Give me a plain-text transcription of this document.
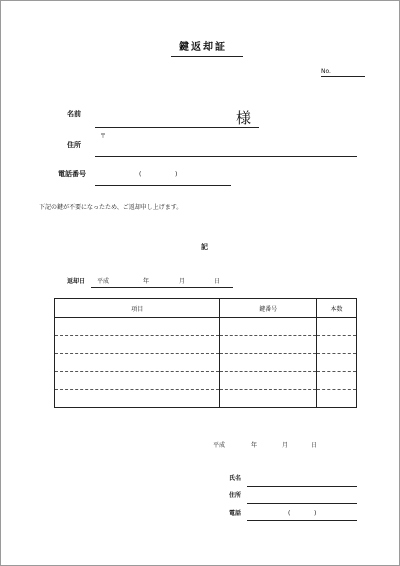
鍵返却証
No.
名前	様
〒
住所
電話番号	(	)
下記の鍵が不要になったため、ご返却申し上げます。
記
返却日 平成	年	月	日
項目	鍵番号	本数

平成	年	月	日
氏名
住所
電話	(	)
